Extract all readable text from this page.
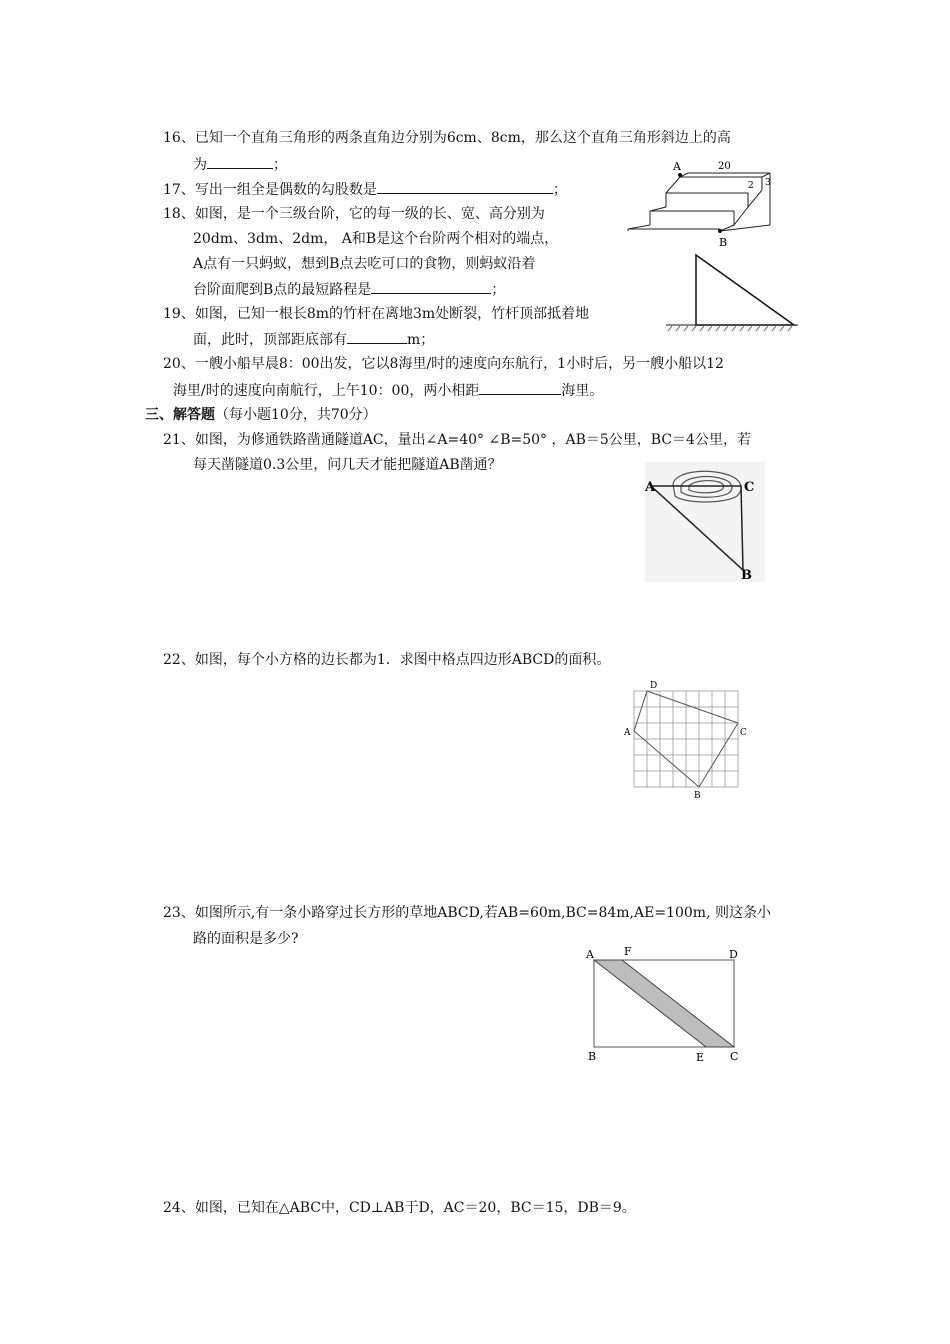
16、已知一个直角三角形的两条直角边分别为6cm、8cm，那么这个直角三角形斜边上的高
为	；
17、写出一组全是偶数的勾股数是	；
18、如图，是一个三级台阶，它的每一级的长、宽、高分别为
20dm、3dm、2dm， A和B是这个台阶两个相对的端点，
A点有一只蚂蚁，想到B点去吃可口的食物，则蚂蚁沿着
台阶面爬到B点的最短路程是	；
19、如图，已知一根长8m的竹杆在离地3m处断裂，竹杆顶部抵着地
面，此时，顶部距底部有	m；
20、一艘小船早晨8：00出发，它以8海里/时的速度向东航行，1小时后，另一艘小船以12
海里/时的速度向南航行，上午10：00，两小相距	海里。
三、解答题（每小题10分，共70分）
21、如图，为修通铁路凿通隧道AC，量出∠A=40° ∠B=50° ，AB＝5公里，BC＝4公里，若
每天凿隧道0.3公里，问几天才能把隧道AB凿通？
22、如图，每个小方格的边长都为1．求图中格点四边形ABCD的面积。
23、如图所示,有一条小路穿过长方形的草地ABCD,若AB=60m,BC=84m,AE=100m, 则这条小
路的面积是多少?
24、如图，已知在△ABC中，CD⊥AB于D，AC＝20，BC＝15，DB＝9。
A	20
2 3
B
A	C
B
D
A	C
B
A	F	D
B	E C
